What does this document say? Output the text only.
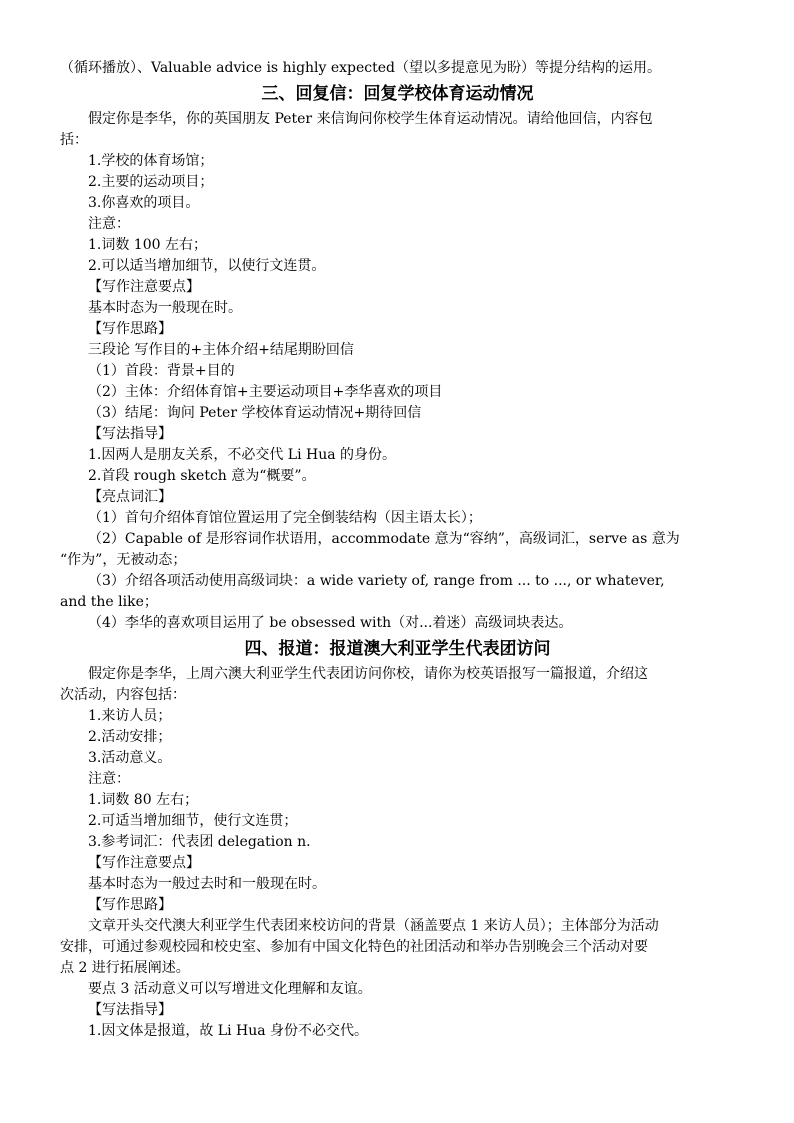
（循环播放）、Valuable advice is highly expected（望以多提意见为盼）等提分结构的运用。
三、回复信：回复学校体育运动情况
假定你是李华，你的英国朋友 Peter 来信询问你校学生体育运动情况。请给他回信，内容包
括：
1.学校的体育场馆；
2.主要的运动项目；
3.你喜欢的项目。
注意：
1.词数 100 左右；
2.可以适当增加细节，以使行文连贯。
【写作注意要点】
基本时态为一般现在时。
【写作思路】
三段论 写作目的+主体介绍+结尾期盼回信
（1）首段：背景+目的
（2）主体：介绍体育馆+主要运动项目+李华喜欢的项目
（3）结尾：询问 Peter 学校体育运动情况+期待回信
【写法指导】
1.因两人是朋友关系，不必交代 Li Hua 的身份。
2.首段 rough sketch 意为“概要”。
【亮点词汇】
（1）首句介绍体育馆位置运用了完全倒装结构（因主语太长）；
（2）Capable of 是形容词作状语用，accommodate 意为“容纳”，高级词汇，serve as 意为
“作为”，无被动态；
（3）介绍各项活动使用高级词块：a wide variety of, range from ... to ..., or whatever,
and the like；
（4）李华的喜欢项目运用了 be obsessed with（对...着迷）高级词块表达。
四、报道：报道澳大利亚学生代表团访问
假定你是李华，上周六澳大利亚学生代表团访问你校，请你为校英语报写一篇报道，介绍这
次活动，内容包括：
1.来访人员；
2.活动安排；
3.活动意义。
注意：
1.词数 80 左右；
2.可适当增加细节，使行文连贯；
3.参考词汇：代表团 delegation n.
【写作注意要点】
基本时态为一般过去时和一般现在时。
【写作思路】
文章开头交代澳大利亚学生代表团来校访问的背景（涵盖要点 1 来访人员）；主体部分为活动
安排，可通过参观校园和校史室、参加有中国文化特色的社团活动和举办告别晚会三个活动对要
点 2 进行拓展阐述。
要点 3 活动意义可以写增进文化理解和友谊。
【写法指导】
1.因文体是报道，故 Li Hua 身份不必交代。
